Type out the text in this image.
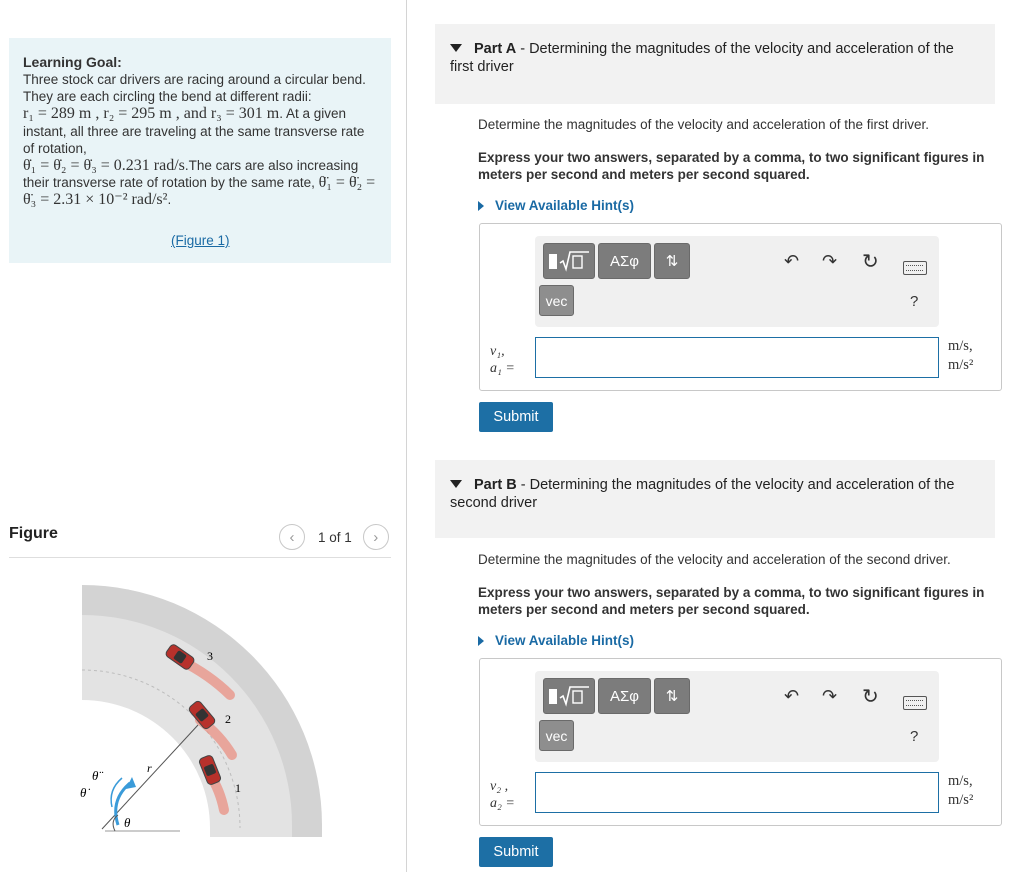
Learning Goal:
Three stock car drivers are racing around a circular bend. They are each circling the bend at different radii:
r₁ = 289 m , r₂ = 295 m , and r₃ = 301 m. At a given instant, all three are traveling at the same transverse rate of rotation,
θ̇₁ = θ̇₂ = θ̇₃ = 0.231 rad/s.The cars are also increasing their transverse rate of rotation by the same rate, θ̈₁ = θ̈₂ = θ̈₃ = 2.31 × 10⁻² rad/s².
(Figure 1)
Figure	‹	1 of 1	›
3
2
1
r
θ̈
θ̇
θ
Part A - Determining the magnitudes of the velocity and acceleration of the first driver
Determine the magnitudes of the velocity and acceleration of the first driver.
Express your two answers, separated by a comma, to two significant figures in meters per second and meters per second squared.
View Available Hint(s)
ΑΣφ	⇅
vec
↶ ↷ ↻
?
v₁,
a₁ =
m/s,
m/s²
Submit
Part B - Determining the magnitudes of the velocity and acceleration of the second driver
Determine the magnitudes of the velocity and acceleration of the second driver.
Express your two answers, separated by a comma, to two significant figures in meters per second and meters per second squared.
View Available Hint(s)
ΑΣφ	⇅
vec
↶ ↷ ↻
?
v₂ ,
a₂ =
m/s,
m/s²
Submit
